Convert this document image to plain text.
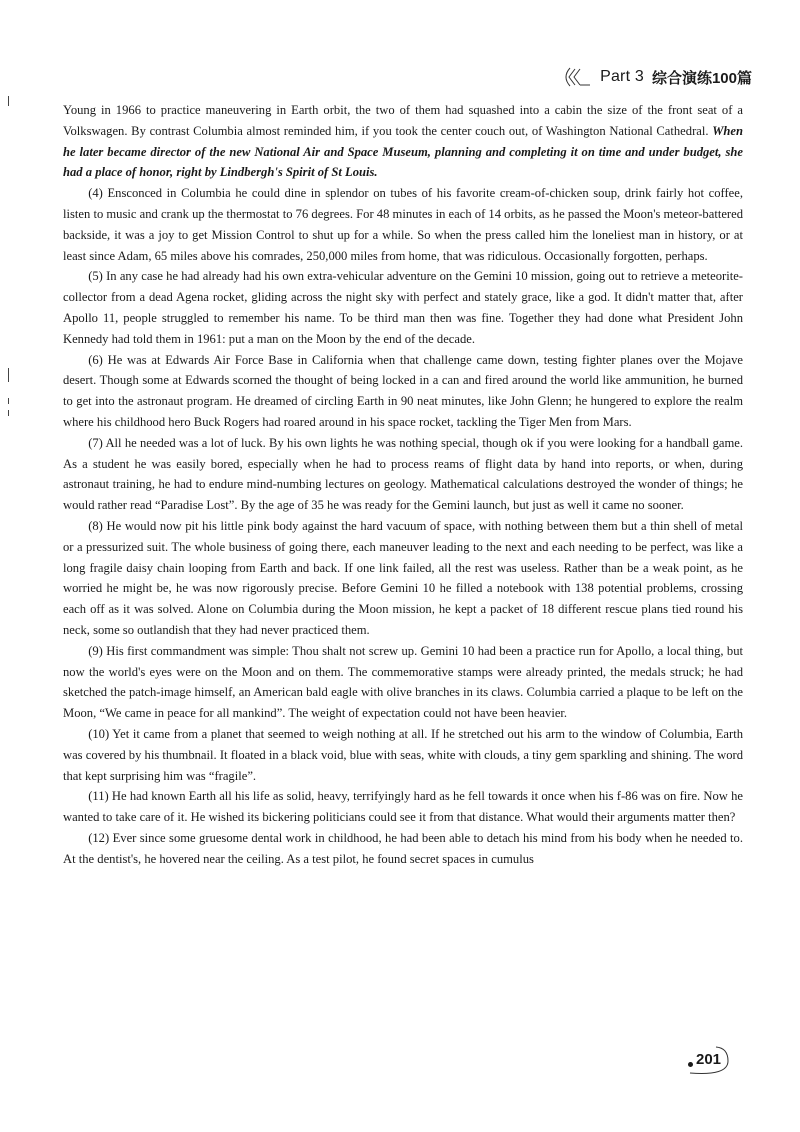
Part 3 综合演练100篇

Young in 1966 to practice maneuvering in Earth orbit, the two of them had squashed into a cabin the size of the front seat of a Volkswagen. By contrast Columbia almost reminded him, if you took the center couch out, of Washington National Cathedral. When he later became director of the new National Air and Space Museum, planning and completing it on time and under budget, she had a place of honor, right by Lindbergh's Spirit of St Louis.

(4) Ensconced in Columbia he could dine in splendor on tubes of his favorite cream-of-chicken soup, drink fairly hot coffee, listen to music and crank up the thermostat to 76 degrees. For 48 minutes in each of 14 orbits, as he passed the Moon's meteor-battered backside, it was a joy to get Mission Control to shut up for a while. So when the press called him the loneliest man in history, or at least since Adam, 65 miles above his comrades, 250,000 miles from home, that was ridiculous. Occasionally forgotten, perhaps.

(5) In any case he had already had his own extra-vehicular adventure on the Gemini 10 mission, going out to retrieve a meteorite-collector from a dead Agena rocket, gliding across the night sky with perfect and stately grace, like a god. It didn't matter that, after Apollo 11, people struggled to remember his name. To be third man then was fine. Together they had done what President John Kennedy had told them in 1961: put a man on the Moon by the end of the decade.

(6) He was at Edwards Air Force Base in California when that challenge came down, testing fighter planes over the Mojave desert. Though some at Edwards scorned the thought of being locked in a can and fired around the world like ammunition, he burned to get into the astronaut program. He dreamed of circling Earth in 90 neat minutes, like John Glenn; he hungered to explore the realm where his childhood hero Buck Rogers had roared around in his space rocket, tackling the Tiger Men from Mars.

(7) All he needed was a lot of luck. By his own lights he was nothing special, though ok if you were looking for a handball game. As a student he was easily bored, especially when he had to process reams of flight data by hand into reports, or when, during astronaut training, he had to endure mind-numbing lectures on geology. Mathematical calculations destroyed the wonder of things; he would rather read “Paradise Lost”. By the age of 35 he was ready for the Gemini launch, but just as well it came no sooner.

(8) He would now pit his little pink body against the hard vacuum of space, with nothing between them but a thin shell of metal or a pressurized suit. The whole business of going there, each maneuver leading to the next and each needing to be perfect, was like a long fragile daisy chain looping from Earth and back. If one link failed, all the rest was useless. Rather than be a weak point, as he worried he might be, he was now rigorously precise. Before Gemini 10 he filled a notebook with 138 potential problems, crossing each off as it was solved. Alone on Columbia during the Moon mission, he kept a packet of 18 different rescue plans tied round his neck, some so outlandish that they had never practiced them.

(9) His first commandment was simple: Thou shalt not screw up. Gemini 10 had been a practice run for Apollo, a local thing, but now the world's eyes were on the Moon and on them. The commemorative stamps were already printed, the medals struck; he had sketched the patch-image himself, an American bald eagle with olive branches in its claws. Columbia carried a plaque to be left on the Moon, “We came in peace for all mankind”. The weight of expectation could not have been heavier.

(10) Yet it came from a planet that seemed to weigh nothing at all. If he stretched out his arm to the window of Columbia, Earth was covered by his thumbnail. It floated in a black void, blue with seas, white with clouds, a tiny gem sparkling and shining. The word that kept surprising him was “fragile”.

(11) He had known Earth all his life as solid, heavy, terrifyingly hard as he fell towards it once when his f-86 was on fire. Now he wanted to take care of it. He wished its bickering politicians could see it from that distance. What would their arguments matter then?

(12) Ever since some gruesome dental work in childhood, he had been able to detach his mind from his body when he needed to. At the dentist's, he hovered near the ceiling. As a test pilot, he found secret spaces in cumulus

201
